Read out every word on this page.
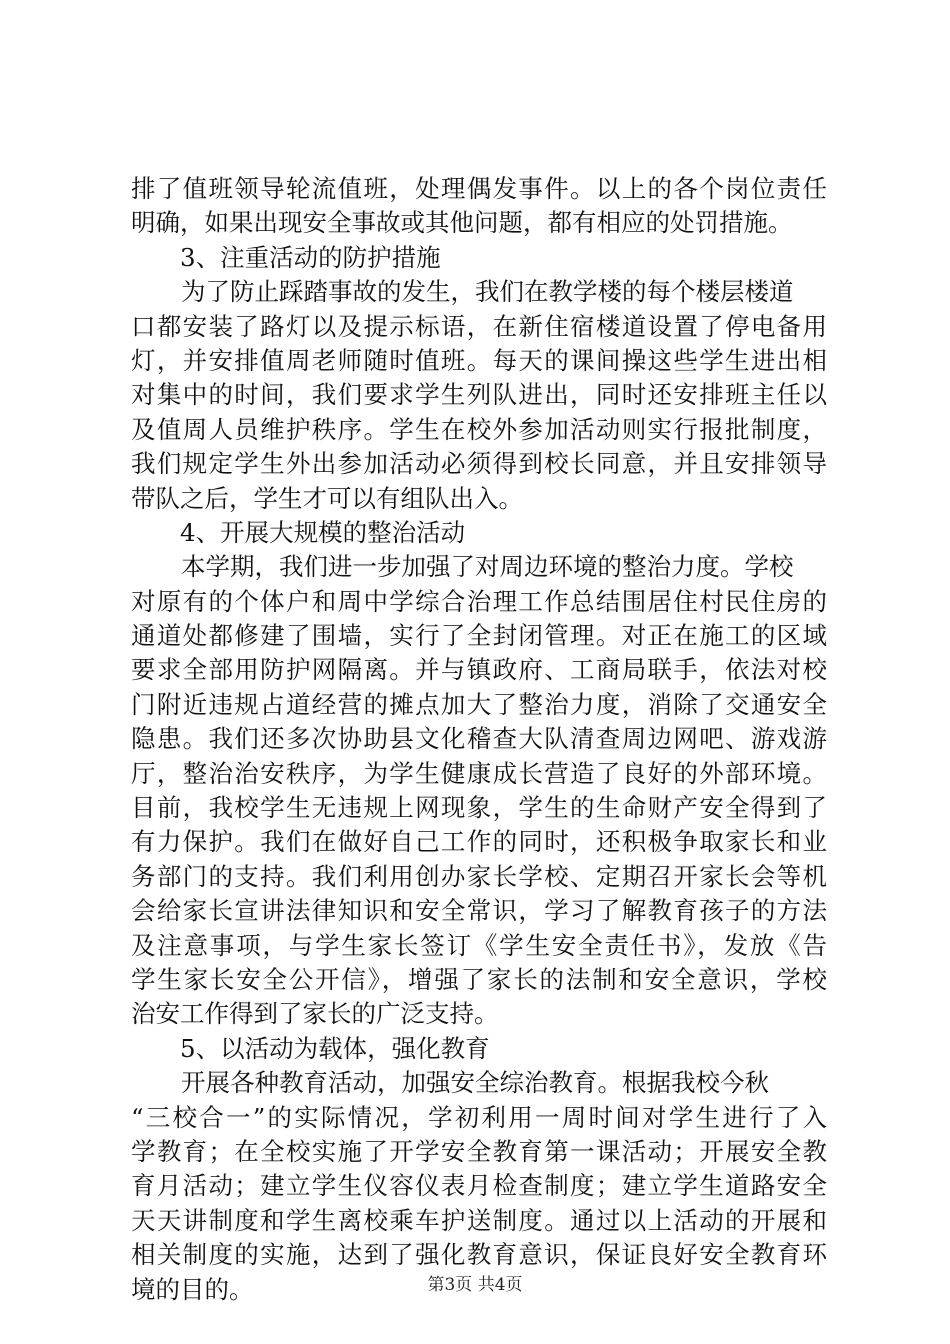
排了值班领导轮流值班，处理偶发事件。以上的各个岗位责任
明确，如果出现安全事故或其他问题，都有相应的处罚措施。
3、注重活动的防护措施
为了防止踩踏事故的发生，我们在教学楼的每个楼层楼道
口都安装了路灯以及提示标语，在新住宿楼道设置了停电备用
灯，并安排值周老师随时值班。每天的课间操这些学生进出相
对集中的时间，我们要求学生列队进出，同时还安排班主任以
及值周人员维护秩序。学生在校外参加活动则实行报批制度，
我们规定学生外出参加活动必须得到校长同意，并且安排领导
带队之后，学生才可以有组队出入。
4、开展大规模的整治活动
本学期，我们进一步加强了对周边环境的整治力度。学校
对原有的个体户和周中学综合治理工作总结围居住村民住房的
通道处都修建了围墙，实行了全封闭管理。对正在施工的区域
要求全部用防护网隔离。并与镇政府、工商局联手，依法对校
门附近违规占道经营的摊点加大了整治力度，消除了交通安全
隐患。我们还多次协助县文化稽查大队清查周边网吧、游戏游
厅，整治治安秩序，为学生健康成长营造了良好的外部环境。
目前，我校学生无违规上网现象，学生的生命财产安全得到了
有力保护。我们在做好自己工作的同时，还积极争取家长和业
务部门的支持。我们利用创办家长学校、定期召开家长会等机
会给家长宣讲法律知识和安全常识，学习了解教育孩子的方法
及注意事项，与学生家长签订《学生安全责任书》，发放《告
学生家长安全公开信》，增强了家长的法制和安全意识，学校
治安工作得到了家长的广泛支持。
5、以活动为载体，强化教育
开展各种教育活动，加强安全综治教育。根据我校今秋
“三校合一”的实际情况，学初利用一周时间对学生进行了入
学教育；在全校实施了开学安全教育第一课活动；开展安全教
育月活动；建立学生仪容仪表月检查制度；建立学生道路安全
天天讲制度和学生离校乘车护送制度。通过以上活动的开展和
相关制度的实施，达到了强化教育意识，保证良好安全教育环
境的目的。	第3页 共4页
